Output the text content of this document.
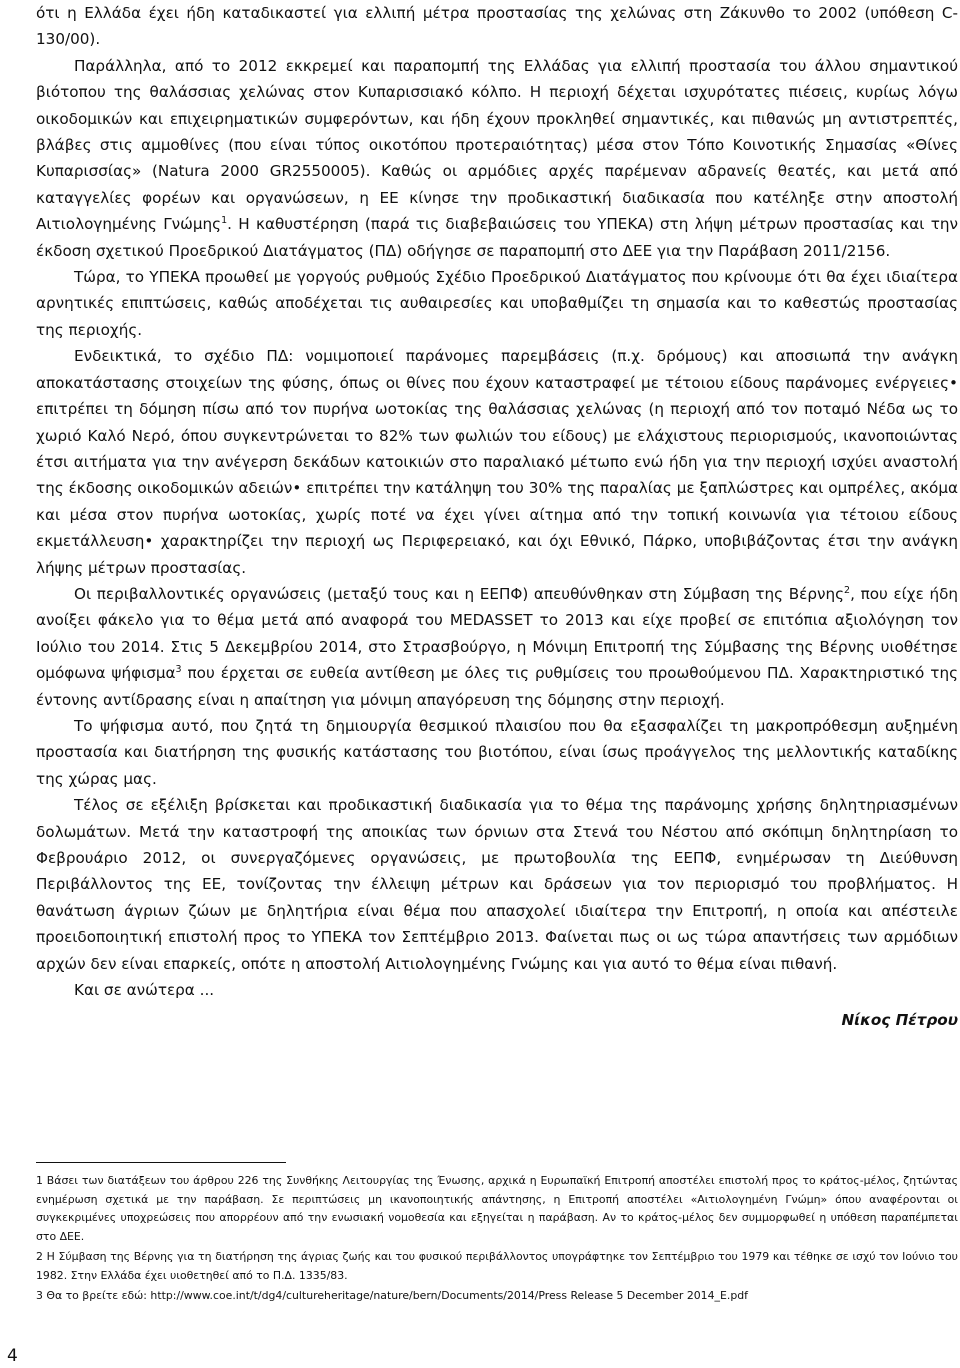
ότι η Ελλάδα έχει ήδη καταδικαστεί για ελλιπή μέτρα προστασίας της χελώνας στη Ζάκυνθο το 2002 (υπόθεση C-130/00).

Παράλληλα, από το 2012 εκκρεμεί και παραπομπή της Ελλάδας για ελλιπή προστασία του άλλου σημαντικού βιότοπου της θαλάσσιας χελώνας στον Κυπαρισσιακό κόλπο. Η περιοχή δέχεται ισχυρότατες πιέσεις, κυρίως λόγω οικοδομικών και επιχειρηματικών συμφερόντων, και ήδη έχουν προκληθεί σημαντικές, και πιθανώς μη αντιστρεπτές, βλάβες στις αμμοθίνες (που είναι τύπος οικοτόπου προτεραιότητας) μέσα στον Τόπο Κοινοτικής Σημασίας «Θίνες Κυπαρισσίας» (Natura 2000 GR2550005). Καθώς οι αρμόδιες αρχές παρέμεναν αδρανείς θεατές, και μετά από καταγγελίες φορέων και οργανώσεων, η ΕΕ κίνησε την προδικαστική διαδικασία που κατέληξε στην αποστολή Αιτιολογημένης Γνώμης$^1$. Η καθυστέρηση (παρά τις διαβεβαιώσεις του ΥΠΕΚΑ) στη λήψη μέτρων προστασίας και την έκδοση σχετικού Προεδρικού Διατάγματος (ΠΔ) οδήγησε σε παραπομπή στο ΔΕΕ για την Παράβαση 2011/2156.

Τώρα, το ΥΠΕΚΑ προωθεί με γοργούς ρυθμούς Σχέδιο Προεδρικού Διατάγματος που κρίνουμε ότι θα έχει ιδιαίτερα αρνητικές επιπτώσεις, καθώς αποδέχεται τις αυθαιρεσίες και υποβαθμίζει τη σημασία και το καθεστώς προστασίας της περιοχής.

Ενδεικτικά, το σχέδιο ΠΔ: νομιμοποιεί παράνομες παρεμβάσεις (π.χ. δρόμους) και αποσιωπά την ανάγκη αποκατάστασης στοιχείων της φύσης, όπως οι θίνες που έχουν καταστραφεί με τέτοιου είδους παράνομες ενέργειες• επιτρέπει τη δόμηση πίσω από τον πυρήνα ωοτοκίας της θαλάσσιας χελώνας (η περιοχή από τον ποταμό Νέδα ως το χωριό Καλό Νερό, όπου συγκεντρώνεται το 82% των φωλιών του είδους) με ελάχιστους περιορισμούς, ικανοποιώντας έτσι αιτήματα για την ανέγερση δεκάδων κατοικιών στο παραλιακό μέτωπο ενώ ήδη για την περιοχή ισχύει αναστολή της έκδοσης οικοδομικών αδειών• επιτρέπει την κατάληψη του 30% της παραλίας με ξαπλώστρες και ομπρέλες, ακόμα και μέσα στον πυρήνα ωοτοκίας, χωρίς ποτέ να έχει γίνει αίτημα από την τοπική κοινωνία για τέτοιου είδους εκμετάλλευση• χαρακτηρίζει την περιοχή ως Περιφερειακό, και όχι Εθνικό, Πάρκο, υποβιβάζοντας έτσι την ανάγκη λήψης μέτρων προστασίας.

Οι περιβαλλοντικές οργανώσεις (μεταξύ τους και η ΕΕΠΦ) απευθύνθηκαν στη Σύμβαση της Βέρνης$^2$, που είχε ήδη ανοίξει φάκελο για το θέμα μετά από αναφορά του MEDASSET το 2013 και είχε προβεί σε επιτόπια αξιολόγηση τον Ιούλιο του 2014. Στις 5 Δεκεμβρίου 2014, στο Στρασβούργο, η Μόνιμη Επιτροπή της Σύμβασης της Βέρνης υιοθέτησε ομόφωνα ψήφισμα$^3$ που έρχεται σε ευθεία αντίθεση με όλες τις ρυθμίσεις του προωθούμενου ΠΔ. Χαρακτηριστικό της έντονης αντίδρασης είναι η απαίτηση για μόνιμη απαγόρευση της δόμησης στην περιοχή.

Το ψήφισμα αυτό, που ζητά τη δημιουργία θεσμικού πλαισίου που θα εξασφαλίζει τη μακροπρόθεσμη αυξημένη προστασία και διατήρηση της φυσικής κατάστασης του βιοτόπου, είναι ίσως προάγγελος της μελλοντικής καταδίκης της χώρας μας.

Τέλος σε εξέλιξη βρίσκεται και προδικαστική διαδικασία για το θέμα της παράνομης χρήσης δηλητηριασμένων δολωμάτων. Μετά την καταστροφή της αποικίας των όρνιων στα Στενά του Νέστου από σκόπιμη δηλητηρίαση το Φεβρουάριο 2012, οι συνεργαζόμενες οργανώσεις, με πρωτοβουλία της ΕΕΠΦ, ενημέρωσαν τη Διεύθυνση Περιβάλλοντος της ΕΕ, τονίζοντας την έλλειψη μέτρων και δράσεων για τον περιορισμό του προβλήματος. Η θανάτωση άγριων ζώων με δηλητήρια είναι θέμα που απασχολεί ιδιαίτερα την Επιτροπή, η οποία και απέστειλε προειδοποιητική επιστολή προς το ΥΠΕΚΑ τον Σεπτέμβριο 2013. Φαίνεται πως οι ως τώρα απαντήσεις των αρμόδιων αρχών δεν είναι επαρκείς, οπότε η αποστολή Αιτιολογημένης Γνώμης και για αυτό το θέμα είναι πιθανή.

Και σε ανώτερα ...

Νίκος Πέτρου

1 Βάσει των διατάξεων του άρθρου 226 της Συνθήκης Λειτουργίας της Ένωσης, αρχικά η Ευρωπαϊκή Επιτροπή αποστέλει επιστολή προς το κράτος-μέλος, ζητώντας ενημέρωση σχετικά με την παράβαση. Σε περιπτώσεις μη ικανοποιητικής απάντησης, η Επιτροπή αποστέλει «Αιτιολογημένη Γνώμη» όπου αναφέρονται οι συγκεκριμένες υποχρεώσεις που απορρέουν από την ενωσιακή νομοθεσία και εξηγείται η παράβαση. Αν το κράτος-μέλος δεν συμμορφωθεί η υπόθεση παραπέμπεται στο ΔΕΕ.

2 Η Σύμβαση της Βέρνης για τη διατήρηση της άγριας ζωής και του φυσικού περιβάλλοντος υπογράφτηκε τον Σεπτέμβριο του 1979 και τέθηκε σε ισχύ τον Ιούνιο του 1982. Στην Ελλάδα έχει υιοθετηθεί από το Π.Δ. 1335/83.

3 Θα το βρείτε εδώ: http://www.coe.int/t/dg4/cultureheritage/nature/bern/Documents/2014/Press Release 5 December 2014_E.pdf

4
